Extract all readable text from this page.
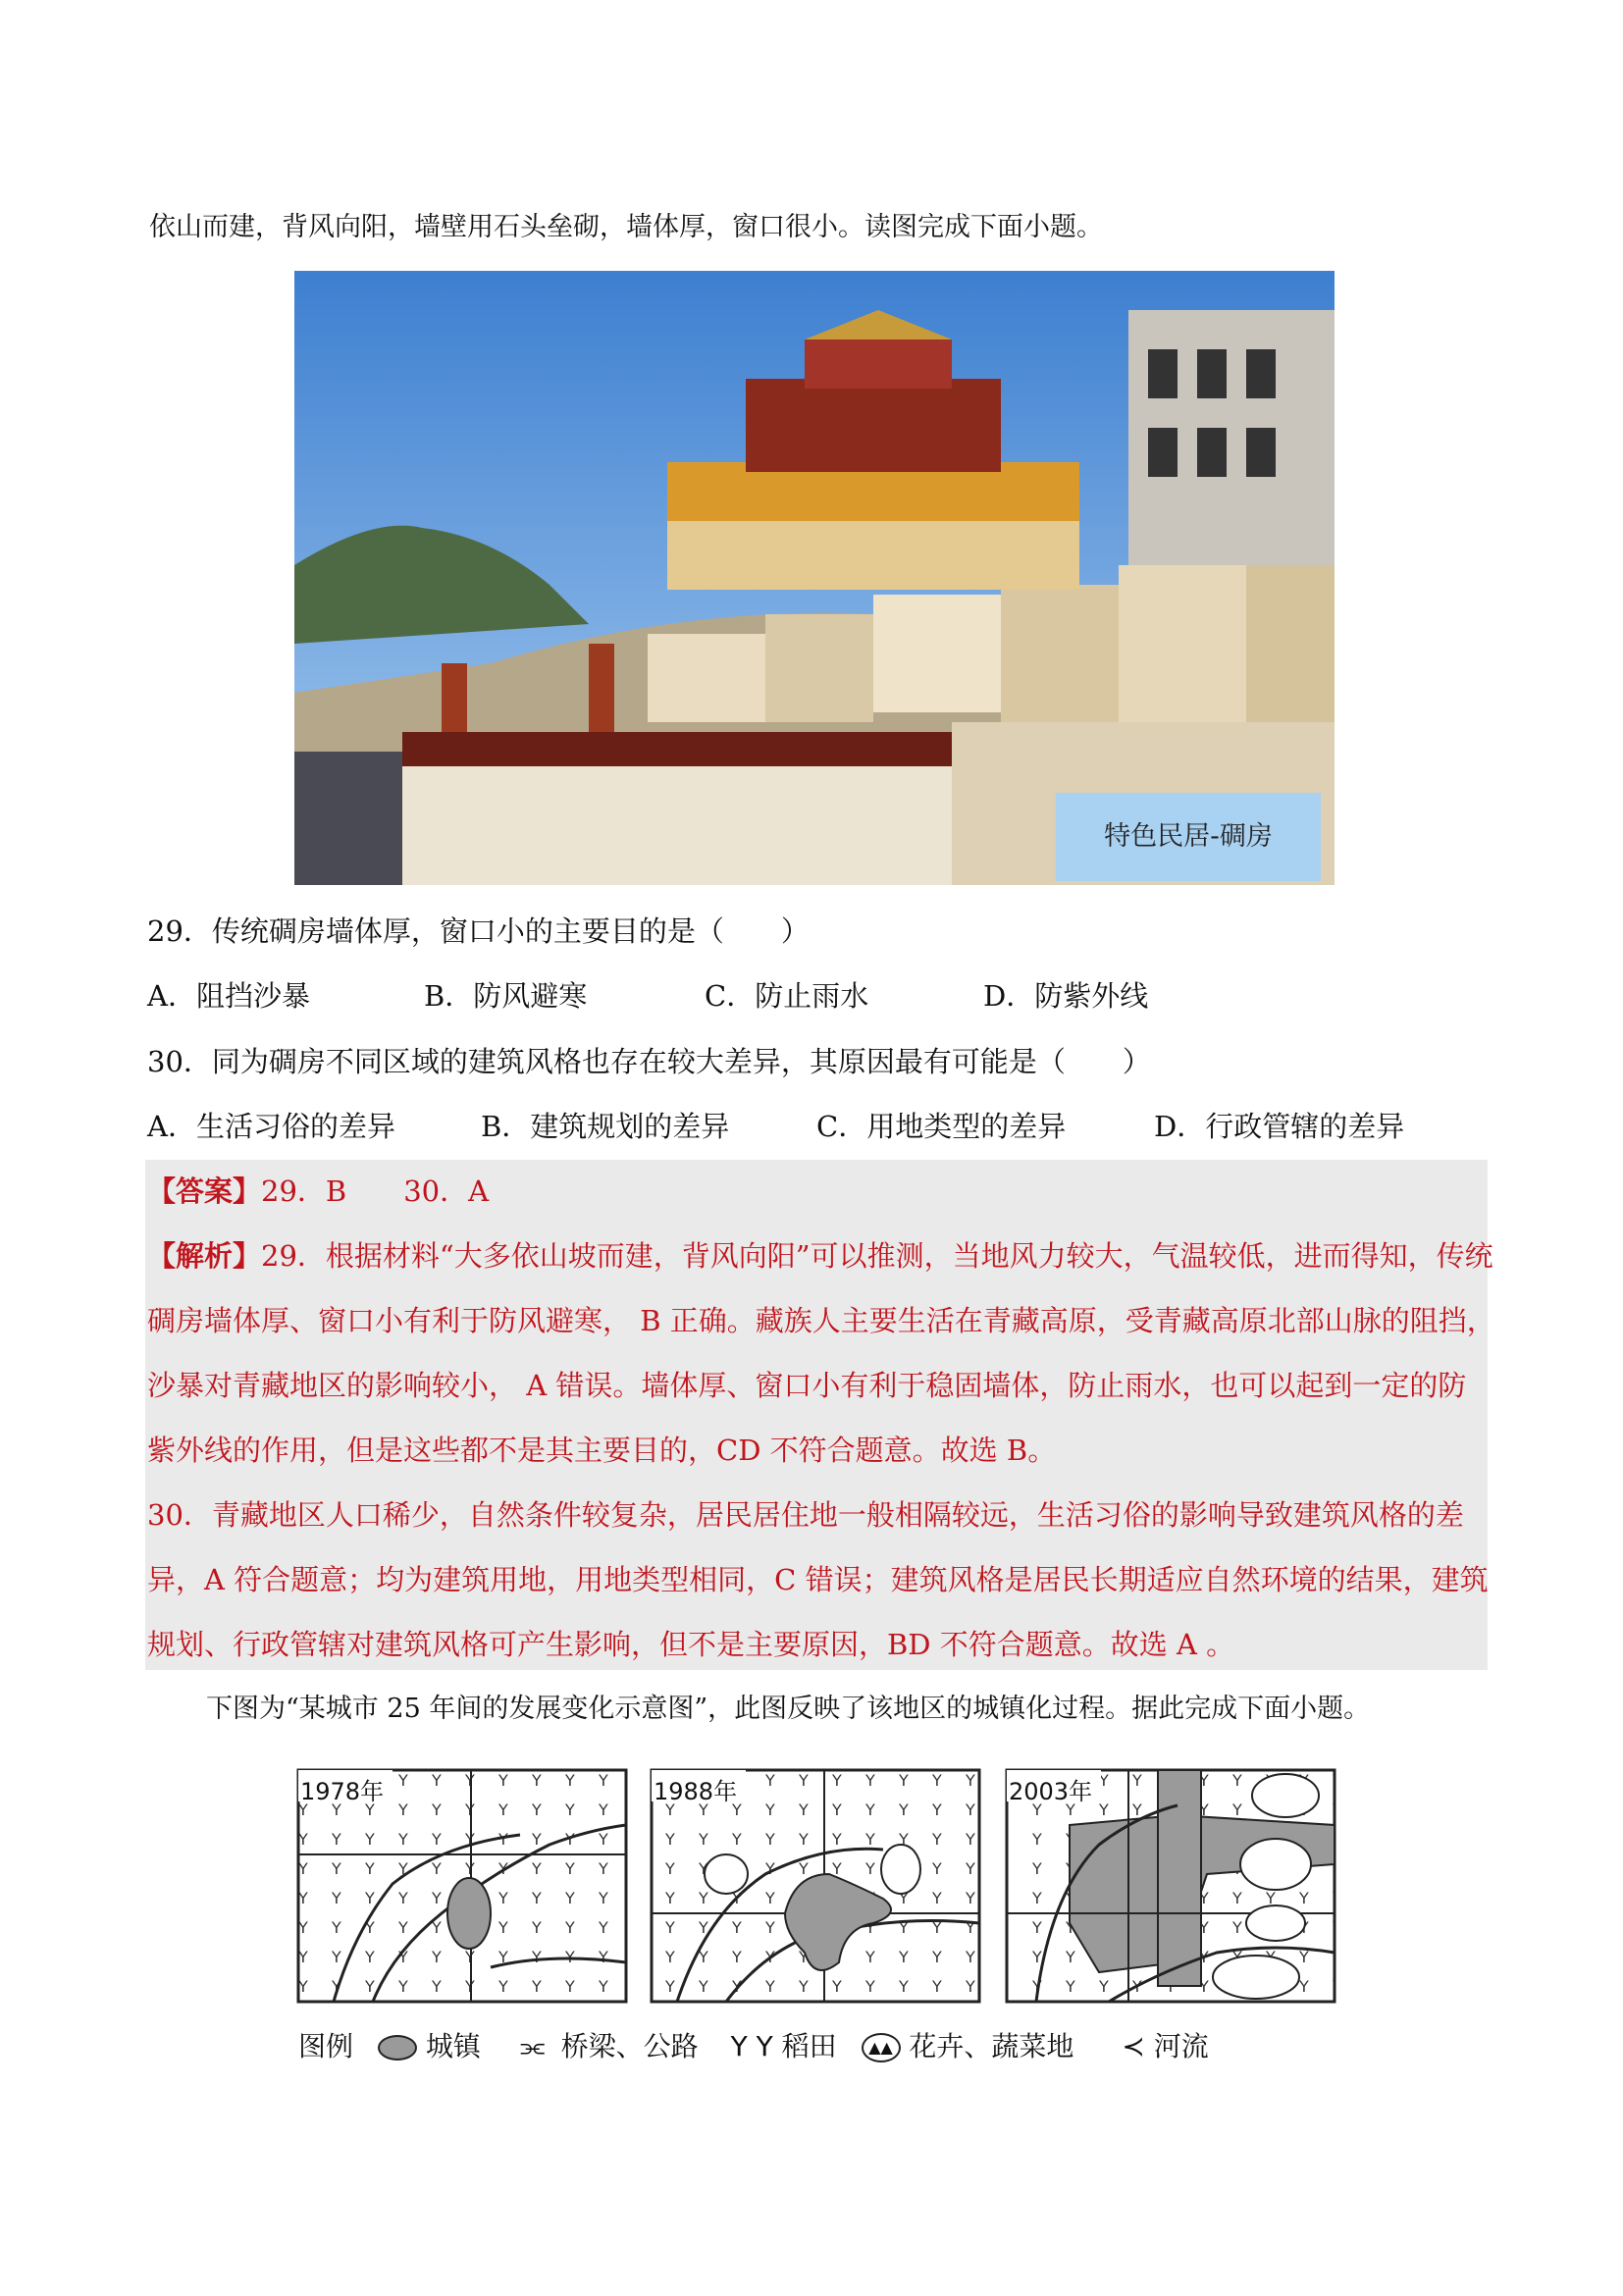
依山而建，背风向阳，墙壁用石头垒砌，墙体厚，窗口很小。读图完成下面小题。
特色民居-碉房
29．传统碉房墙体厚，窗口小的主要目的是（　　）
A．阻挡沙暴	B．防风避寒	C．防止雨水	D．防紫外线
30．同为碉房不同区域的建筑风格也存在较大差异，其原因最有可能是（　　）
A．生活习俗的差异	B．建筑规划的差异	C．用地类型的差异	D．行政管辖的差异
【答案】29．B　　30．A
【解析】29．根据材料“大多依山坡而建，背风向阳”可以推测，当地风力较大，气温较低，进而得知，传统
碉房墙体厚、窗口小有利于防风避寒， B 正确。藏族人主要生活在青藏高原，受青藏高原北部山脉的阻挡，
沙暴对青藏地区的影响较小， A 错误。墙体厚、窗口小有利于稳固墙体，防止雨水，也可以起到一定的防
紫外线的作用，但是这些都不是其主要目的，CD 不符合题意。故选 B。
30．青藏地区人口稀少，自然条件较复杂，居民居住地一般相隔较远，生活习俗的影响导致建筑风格的差
异，A 符合题意；均为建筑用地，用地类型相同，C 错误；建筑风格是居民长期适应自然环境的结果，建筑
规划、行政管辖对建筑风格可产生影响，但不是主要原因，BD 不符合题意。故选 A 。
下图为“某城市 25 年间的发展变化示意图”，此图反映了该地区的城镇化过程。据此完成下面小题。
1978年	1988年	2003年
图例	城镇 ⫘ 桥梁、公路 Y Y 稻田 ▲▲ 花卉、蔬菜地 ≺ 河流
